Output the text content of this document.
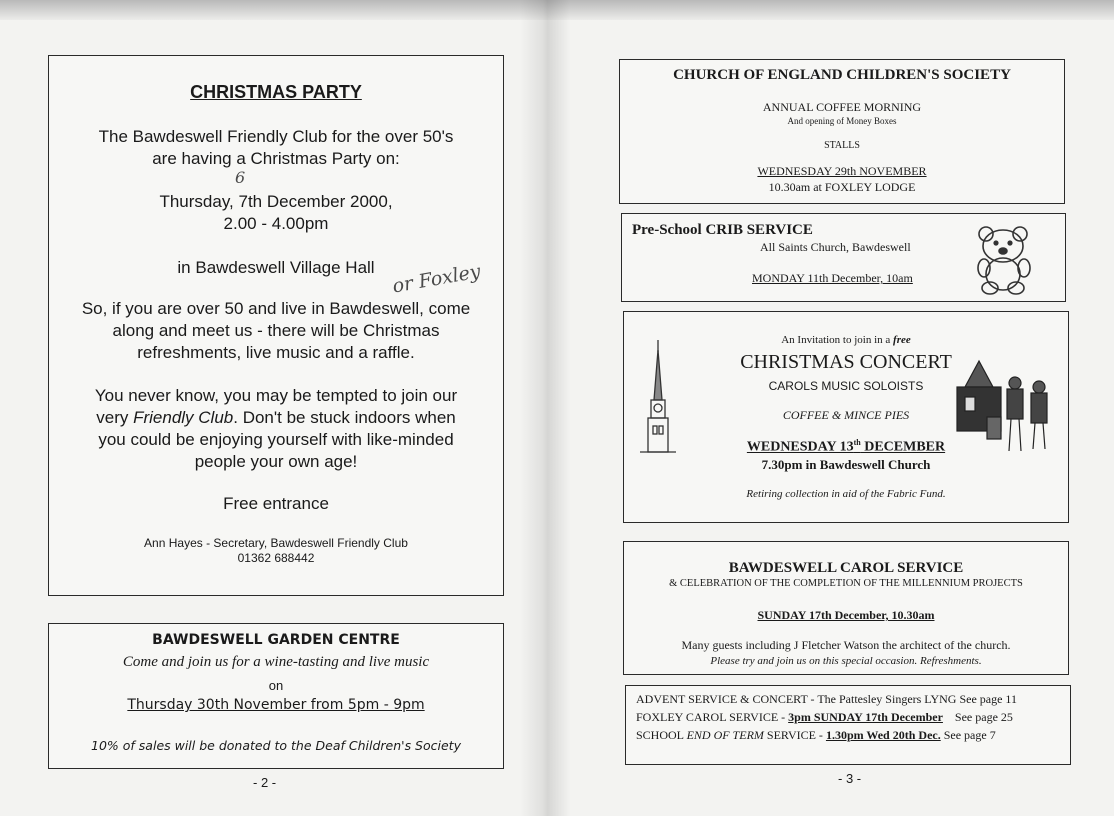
CHRISTMAS PARTY
The Bawdeswell Friendly Club for the over 50's
are having a Christmas Party on:
6
Thursday, 7th December 2000,
2.00 - 4.00pm
in Bawdeswell Village Hall or Foxley
So, if you are over 50 and live in Bawdeswell, come
along and meet us - there will be Christmas
refreshments, live music and a raffle.
You never know, you may be tempted to join our
very Friendly Club. Don't be stuck indoors when
you could be enjoying yourself with like-minded
people your own age!
Free entrance
Ann Hayes - Secretary, Bawdeswell Friendly Club
01362 688442
BAWDESWELL GARDEN CENTRE
Come and join us for a wine-tasting and live music
on
Thursday 30th November from 5pm - 9pm
10% of sales will be donated to the Deaf Children's Society
- 2 -
CHURCH OF ENGLAND CHILDREN'S SOCIETY
ANNUAL COFFEE MORNING
And opening of Money Boxes
STALLS
WEDNESDAY 29th NOVEMBER
10.30am at FOXLEY LODGE
Pre-School CRIB SERVICE
All Saints Church, Bawdeswell
MONDAY 11th December, 10am
An Invitation to join in a free
CHRISTMAS CONCERT
CAROLS MUSIC SOLOISTS
COFFEE & MINCE PIES
WEDNESDAY 13th DECEMBER
7.30pm in Bawdeswell Church
Retiring collection in aid of the Fabric Fund.
BAWDESWELL CAROL SERVICE
& CELEBRATION OF THE COMPLETION OF THE MILLENNIUM PROJECTS
SUNDAY 17th December, 10.30am
Many guests including J Fletcher Watson the architect of the church.
Please try and join us on this special occasion. Refreshments.
ADVENT SERVICE & CONCERT - The Pattesley Singers LYNG See page 11
FOXLEY CAROL SERVICE - 3pm SUNDAY 17th December    See page 25
SCHOOL END OF TERM SERVICE - 1.30pm Wed 20th Dec. See page 7
- 3 -
